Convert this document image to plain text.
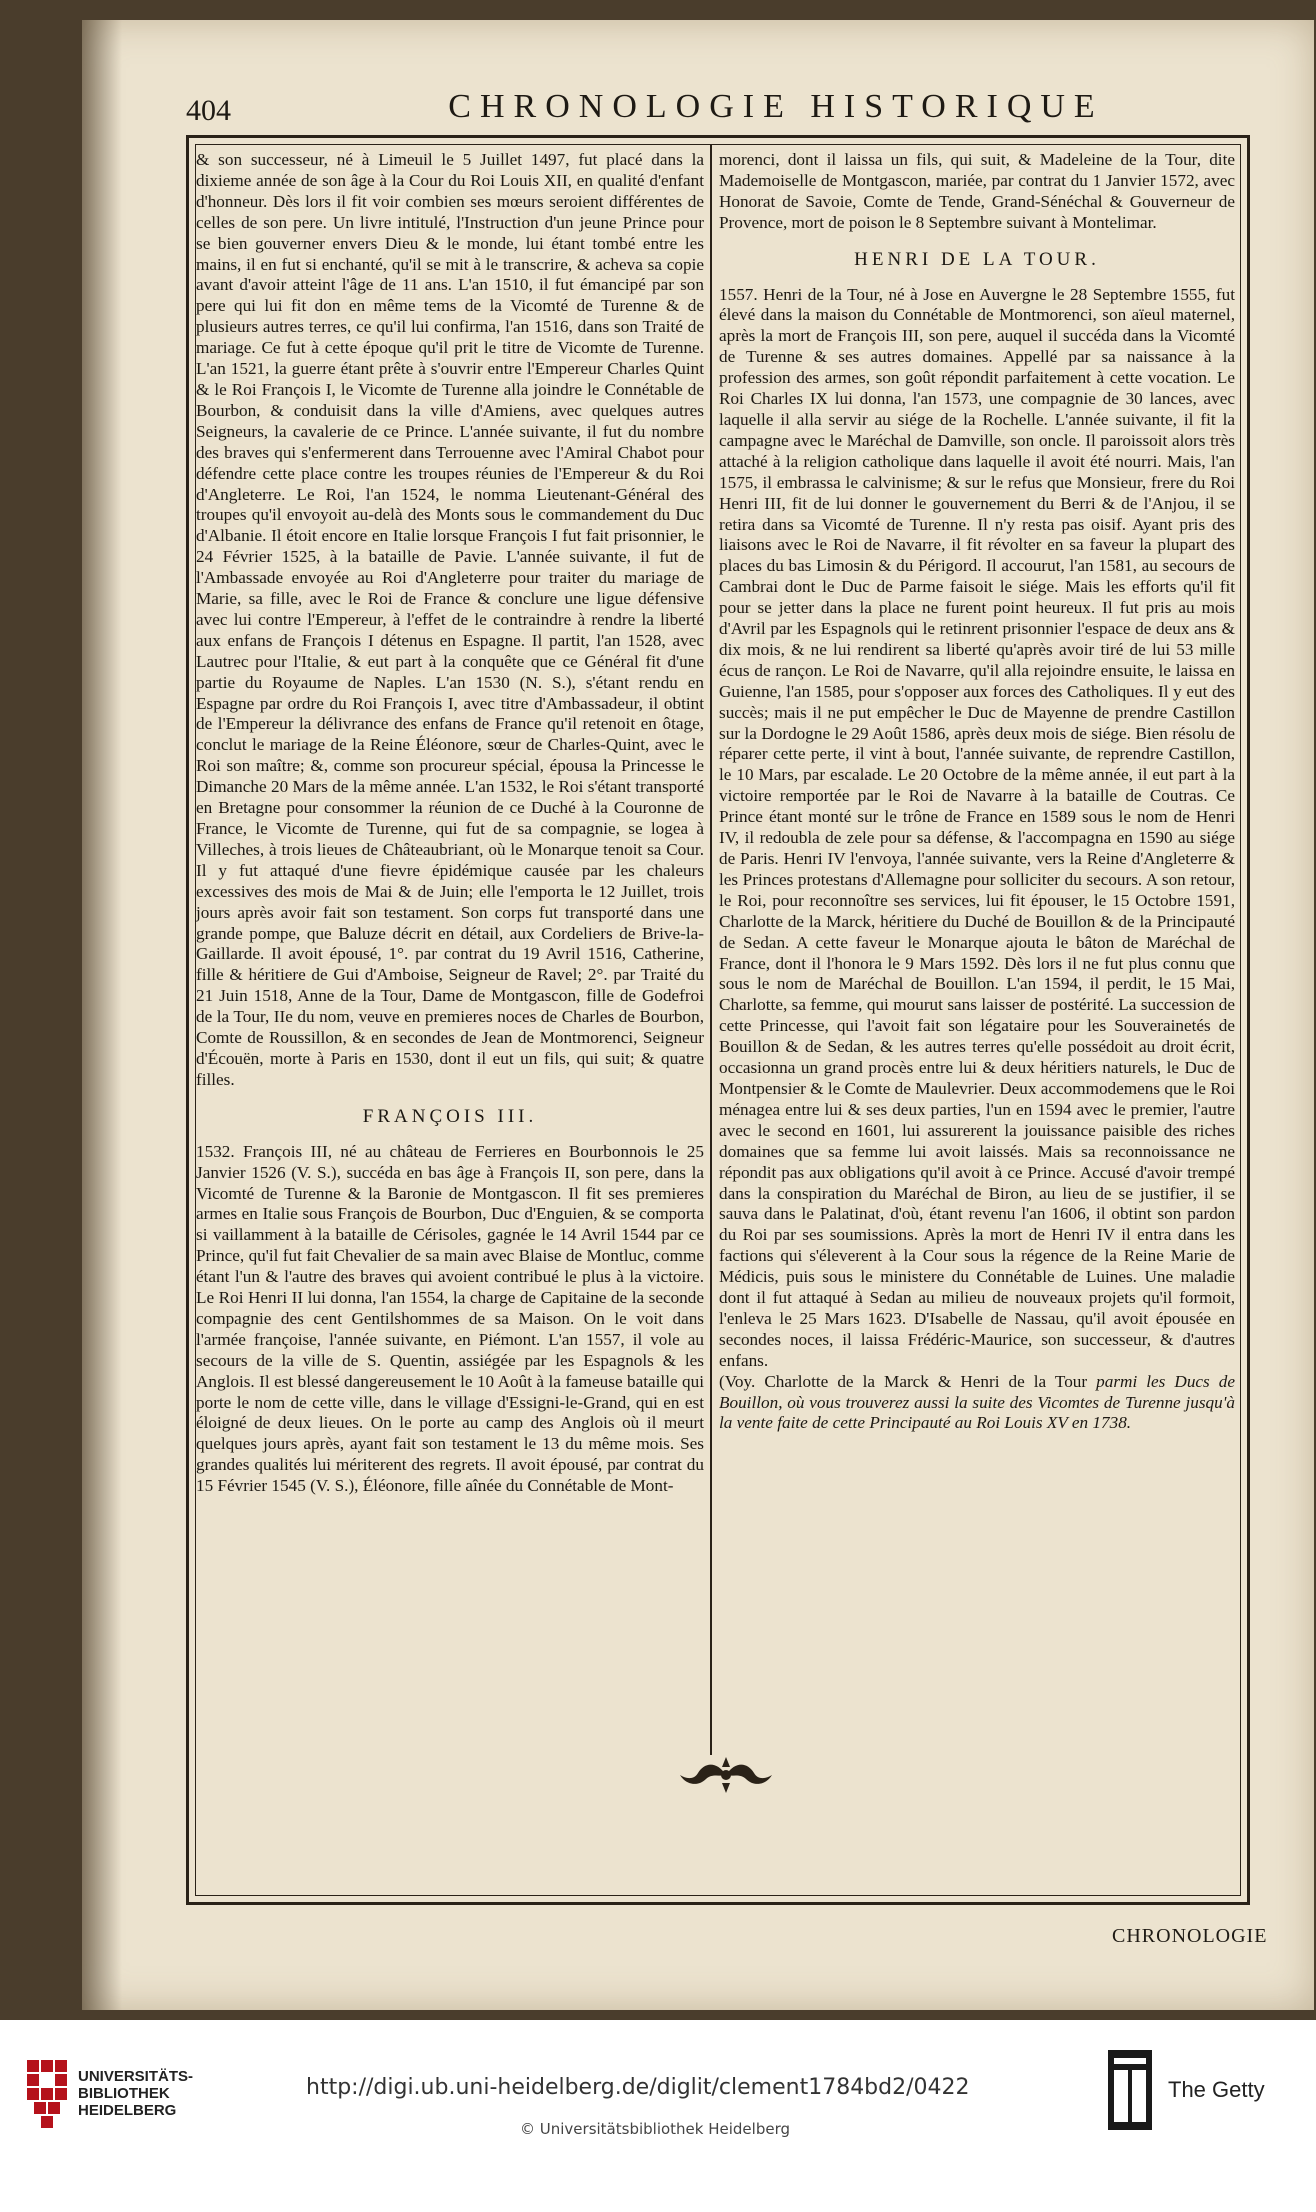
404	CHRONOLOGIE HISTORIQUE

& son successeur, né à Limeuil le 5 Juillet 1497, fut placé dans la dixieme année de son âge à la Cour du Roi Louis XII, en qualité d'enfant d'honneur. Dès lors il fit voir combien ses mœurs seroient différentes de celles de son pere. Un livre intitulé, l'Instruction d'un jeune Prince pour se bien gouverner envers Dieu & le monde, lui étant tombé entre les mains, il en fut si enchanté, qu'il se mit à le transcrire, & acheva sa copie avant d'avoir atteint l'âge de 11 ans. L'an 1510, il fut émancipé par son pere qui lui fit don en même tems de la Vicomté de Turenne & de plusieurs autres terres, ce qu'il lui confirma, l'an 1516, dans son Traité de mariage. Ce fut à cette époque qu'il prit le titre de Vicomte de Turenne. L'an 1521, la guerre étant prête à s'ouvrir entre l'Empereur Charles Quint & le Roi François I, le Vicomte de Turenne alla joindre le Connétable de Bourbon, & conduisit dans la ville d'Amiens, avec quelques autres Seigneurs, la cavalerie de ce Prince. L'année suivante, il fut du nombre des braves qui s'enfermerent dans Terrouenne avec l'Amiral Chabot pour défendre cette place contre les troupes réunies de l'Empereur & du Roi d'Angleterre. Le Roi, l'an 1524, le nomma Lieutenant-Général des troupes qu'il envoyoit au-delà des Monts sous le commandement du Duc d'Albanie. Il étoit encore en Italie lorsque François I fut fait prisonnier, le 24 Février 1525, à la bataille de Pavie. L'année suivante, il fut de l'Ambassade envoyée au Roi d'Angleterre pour traiter du mariage de Marie, sa fille, avec le Roi de France & conclure une ligue défensive avec lui contre l'Empereur, à l'effet de le contraindre à rendre la liberté aux enfans de François I détenus en Espagne. Il partit, l'an 1528, avec Lautrec pour l'Italie, & eut part à la conquête que ce Général fit d'une partie du Royaume de Naples. L'an 1530 (N. S.), s'étant rendu en Espagne par ordre du Roi François I, avec titre d'Ambassadeur, il obtint de l'Empereur la délivrance des enfans de France qu'il retenoit en ôtage, conclut le mariage de la Reine Éléonore, sœur de Charles-Quint, avec le Roi son maître; &, comme son procureur spécial, épousa la Princesse le Dimanche 20 Mars de la même année. L'an 1532, le Roi s'étant transporté en Bretagne pour consommer la réunion de ce Duché à la Couronne de France, le Vicomte de Turenne, qui fut de sa compagnie, se logea à Villeches, à trois lieues de Châteaubriant, où le Monarque tenoit sa Cour. Il y fut attaqué d'une fievre épidémique causée par les chaleurs excessives des mois de Mai & de Juin; elle l'emporta le 12 Juillet, trois jours après avoir fait son testament. Son corps fut transporté dans une grande pompe, que Baluze décrit en détail, aux Cordeliers de Brive-la-Gaillarde. Il avoit épousé, 1°. par contrat du 19 Avril 1516, Catherine, fille & héritiere de Gui d'Amboise, Seigneur de Ravel; 2°. par Traité du 21 Juin 1518, Anne de la Tour, Dame de Montgascon, fille de Godefroi de la Tour, IIe du nom, veuve en premieres noces de Charles de Bourbon, Comte de Roussillon, & en secondes de Jean de Montmorenci, Seigneur d'Écouën, morte à Paris en 1530, dont il eut un fils, qui suit; & quatre filles.

FRANÇOIS III.

1532. François III, né au château de Ferrieres en Bourbonnois le 25 Janvier 1526 (V. S.), succéda en bas âge à François II, son pere, dans la Vicomté de Turenne & la Baronie de Montgascon. Il fit ses premieres armes en Italie sous François de Bourbon, Duc d'Enguien, & se comporta si vaillamment à la bataille de Cérisoles, gagnée le 14 Avril 1544 par ce Prince, qu'il fut fait Chevalier de sa main avec Blaise de Montluc, comme étant l'un & l'autre des braves qui avoient contribué le plus à la victoire. Le Roi Henri II lui donna, l'an 1554, la charge de Capitaine de la seconde compagnie des cent Gentilshommes de sa Maison. On le voit dans l'armée françoise, l'année suivante, en Piémont. L'an 1557, il vole au secours de la ville de S. Quentin, assiégée par les Espagnols & les Anglois. Il est blessé dangereusement le 10 Août à la fameuse bataille qui porte le nom de cette ville, dans le village d'Essigni-le-Grand, qui en est éloigné de deux lieues. On le porte au camp des Anglois où il meurt quelques jours après, ayant fait son testament le 13 du même mois. Ses grandes qualités lui mériterent des regrets. Il avoit épousé, par contrat du 15 Février 1545 (V. S.), Éléonore, fille aînée du Connétable de Mont-

morenci, dont il laissa un fils, qui suit, & Madeleine de la Tour, dite Mademoiselle de Montgascon, mariée, par contrat du 1 Janvier 1572, avec Honorat de Savoie, Comte de Tende, Grand-Sénéchal & Gouverneur de Provence, mort de poison le 8 Septembre suivant à Montelimar.

HENRI DE LA TOUR.

1557. Henri de la Tour, né à Jose en Auvergne le 28 Septembre 1555, fut élevé dans la maison du Connétable de Montmorenci, son aïeul maternel, après la mort de François III, son pere, auquel il succéda dans la Vicomté de Turenne & ses autres domaines. Appellé par sa naissance à la profession des armes, son goût répondit parfaitement à cette vocation. Le Roi Charles IX lui donna, l'an 1573, une compagnie de 30 lances, avec laquelle il alla servir au siége de la Rochelle. L'année suivante, il fit la campagne avec le Maréchal de Damville, son oncle. Il paroissoit alors très attaché à la religion catholique dans laquelle il avoit été nourri. Mais, l'an 1575, il embrassa le calvinisme; & sur le refus que Monsieur, frere du Roi Henri III, fit de lui donner le gouvernement du Berri & de l'Anjou, il se retira dans sa Vicomté de Turenne. Il n'y resta pas oisif. Ayant pris des liaisons avec le Roi de Navarre, il fit révolter en sa faveur la plupart des places du bas Limosin & du Périgord. Il accourut, l'an 1581, au secours de Cambrai dont le Duc de Parme faisoit le siége. Mais les efforts qu'il fit pour se jetter dans la place ne furent point heureux. Il fut pris au mois d'Avril par les Espagnols qui le retinrent prisonnier l'espace de deux ans & dix mois, & ne lui rendirent sa liberté qu'après avoir tiré de lui 53 mille écus de rançon. Le Roi de Navarre, qu'il alla rejoindre ensuite, le laissa en Guienne, l'an 1585, pour s'opposer aux forces des Catholiques. Il y eut des succès; mais il ne put empêcher le Duc de Mayenne de prendre Castillon sur la Dordogne le 29 Août 1586, après deux mois de siége. Bien résolu de réparer cette perte, il vint à bout, l'année suivante, de reprendre Castillon, le 10 Mars, par escalade. Le 20 Octobre de la même année, il eut part à la victoire remportée par le Roi de Navarre à la bataille de Coutras. Ce Prince étant monté sur le trône de France en 1589 sous le nom de Henri IV, il redoubla de zele pour sa défense, & l'accompagna en 1590 au siége de Paris. Henri IV l'envoya, l'année suivante, vers la Reine d'Angleterre & les Princes protestans d'Allemagne pour solliciter du secours. A son retour, le Roi, pour reconnoître ses services, lui fit épouser, le 15 Octobre 1591, Charlotte de la Marck, héritiere du Duché de Bouillon & de la Principauté de Sedan. A cette faveur le Monarque ajouta le bâton de Maréchal de France, dont il l'honora le 9 Mars 1592. Dès lors il ne fut plus connu que sous le nom de Maréchal de Bouillon. L'an 1594, il perdit, le 15 Mai, Charlotte, sa femme, qui mourut sans laisser de postérité. La succession de cette Princesse, qui l'avoit fait son légataire pour les Souverainetés de Bouillon & de Sedan, & les autres terres qu'elle possédoit au droit écrit, occasionna un grand procès entre lui & deux héritiers naturels, le Duc de Montpensier & le Comte de Maulevrier. Deux accommodemens que le Roi ménagea entre lui & ses deux parties, l'un en 1594 avec le premier, l'autre avec le second en 1601, lui assurerent la jouissance paisible des riches domaines que sa femme lui avoit laissés. Mais sa reconnoissance ne répondit pas aux obligations qu'il avoit à ce Prince. Accusé d'avoir trempé dans la conspiration du Maréchal de Biron, au lieu de se justifier, il se sauva dans le Palatinat, d'où, étant revenu l'an 1606, il obtint son pardon du Roi par ses soumissions. Après la mort de Henri IV il entra dans les factions qui s'éleverent à la Cour sous la régence de la Reine Marie de Médicis, puis sous le ministere du Connétable de Luines. Une maladie dont il fut attaqué à Sedan au milieu de nouveaux projets qu'il formoit, l'enleva le 25 Mars 1623. D'Isabelle de Nassau, qu'il avoit épousée en secondes noces, il laissa Frédéric-Maurice, son successeur, & d'autres enfans.

(Voy. Charlotte de la Marck & Henri de la Tour parmi les Ducs de Bouillon, où vous trouverez aussi la suite des Vicomtes de Turenne jusqu'à la vente faite de cette Principauté au Roi Louis XV en 1738.

CHRONOLOGIE
UNIVERSITÄTS-
BIBLIOTHEK
HEIDELBERG
http://digi.ub.uni-heidelberg.de/diglit/clement1784bd2/0422
© Universitätsbibliothek Heidelberg
The Getty
